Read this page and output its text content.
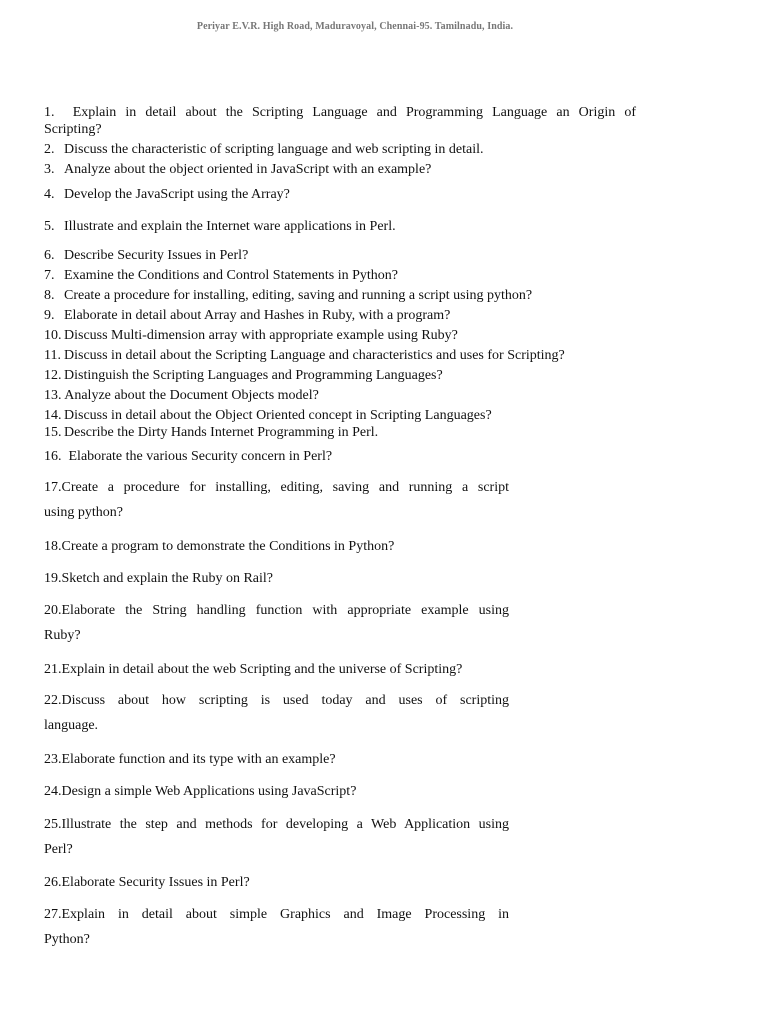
Periyar E.V.R. High Road, Maduravoyal, Chennai-95. Tamilnadu, India.
1. Explain in detail about the Scripting Language and Programming Language an Origin of
Scripting?
2. Discuss the characteristic of scripting language and web scripting in detail.
3. Analyze about the object oriented in JavaScript with an example?
4. Develop the JavaScript using the Array?
5. Illustrate and explain the Internet ware applications in Perl.
6. Describe Security Issues in Perl?
7. Examine the Conditions and Control Statements in Python?
8. Create a procedure for installing, editing, saving and running a script using python?
9. Elaborate in detail about Array and Hashes in Ruby, with a program?
10. Discuss Multi-dimension array with appropriate example using Ruby?
11. Discuss in detail about the Scripting Language and characteristics and uses for Scripting?
12. Distinguish the Scripting Languages and Programming Languages?
13. Analyze about the Document Objects model?
14. Discuss in detail about the Object Oriented concept in Scripting Languages?
15. Describe the Dirty Hands Internet Programming in Perl.
16. Elaborate the various Security concern in Perl?
17.Create a procedure for installing, editing, saving and running a script
using python?
18.Create a program to demonstrate the Conditions in Python?
19.Sketch and explain the Ruby on Rail?
20.Elaborate the String handling function with appropriate example using
Ruby?
21.Explain in detail about the web Scripting and the universe of Scripting?
22.Discuss about how scripting is used today and uses of scripting
language.
23.Elaborate function and its type with an example?
24.Design a simple Web Applications using JavaScript?
25.Illustrate the step and methods for developing a Web Application using
Perl?
26.Elaborate Security Issues in Perl?
27.Explain in detail about simple Graphics and Image Processing in
Python?
